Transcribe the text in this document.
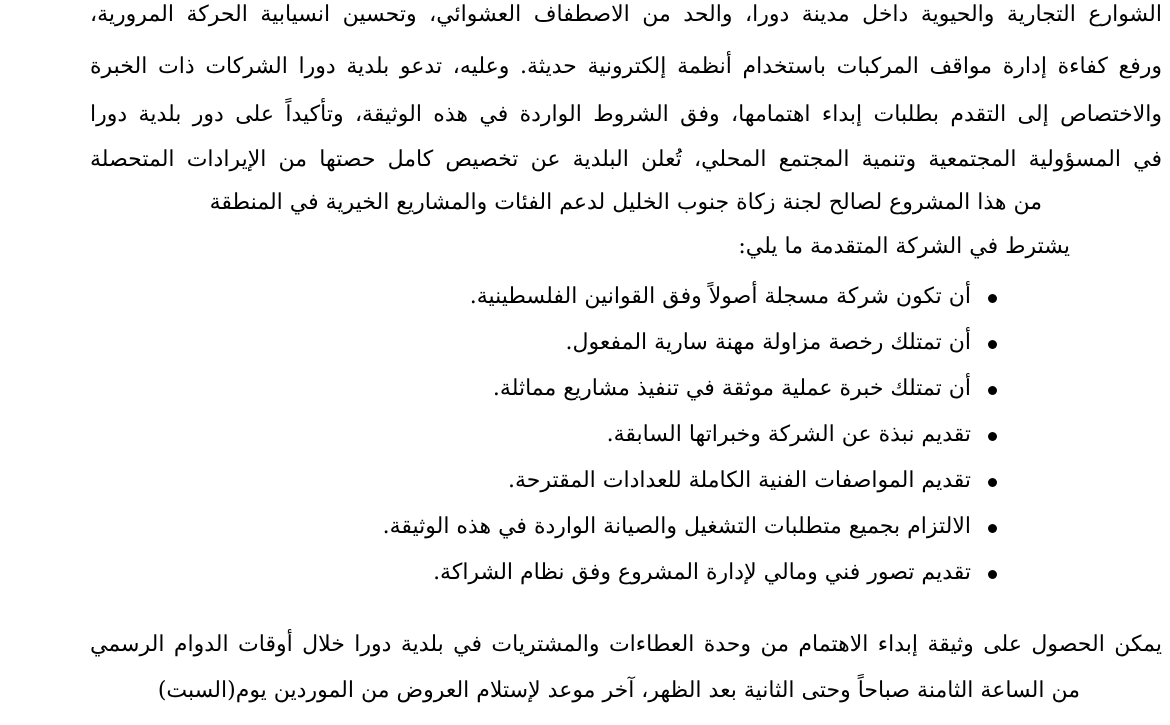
الشوارع التجارية والحيوية داخل مدينة دورا، والحد من الاصطفاف العشوائي، وتحسين انسيابية الحركة المرورية،

ورفع كفاءة إدارة مواقف المركبات باستخدام أنظمة إلكترونية حديثة. وعليه، تدعو بلدية دورا الشركات ذات الخبرة

والاختصاص إلى التقدم بطلبات إبداء اهتمامها، وفق الشروط الواردة في هذه الوثيقة، وتأكيداً على دور بلدية دورا

في المسؤولية المجتمعية وتنمية المجتمع المحلي، تُعلن البلدية عن تخصيص كامل حصتها من الإيرادات المتحصلة

من هذا المشروع لصالح لجنة زكاة جنوب الخليل لدعم الفئات والمشاريع الخيرية في المنطقة

يشترط في الشركة المتقدمة ما يلي:

أن تكون شركة مسجلة أصولاً وفق القوانين الفلسطينية.
أن تمتلك رخصة مزاولة مهنة سارية المفعول.
أن تمتلك خبرة عملية موثقة في تنفيذ مشاريع مماثلة.
تقديم نبذة عن الشركة وخبراتها السابقة.
تقديم المواصفات الفنية الكاملة للعدادات المقترحة.
الالتزام بجميع متطلبات التشغيل والصيانة الواردة في هذه الوثيقة.
تقديم تصور فني ومالي لإدارة المشروع وفق نظام الشراكة.

يمكن الحصول على وثيقة إبداء الاهتمام من وحدة العطاءات والمشتريات في بلدية دورا خلال أوقات الدوام الرسمي

من الساعة الثامنة صباحاً وحتى الثانية بعد الظهر، آخر موعد لإستلام العروض من الموردين يوم(السبت)
